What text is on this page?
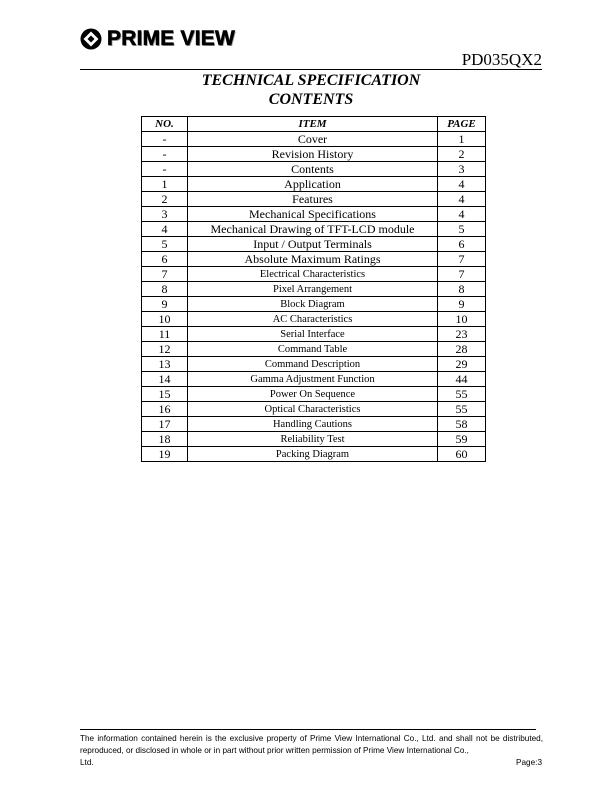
PRIME VIEW
PD035QX2
TECHNICAL SPECIFICATION
CONTENTS
NO.	ITEM	PAGE
-	Cover	1
-	Revision History	2
-	Contents	3
1	Application	4
2	Features	4
3	Mechanical Specifications	4
4	Mechanical Drawing of TFT-LCD module	5
5	Input / Output Terminals	6
6	Absolute Maximum Ratings	7
7	Electrical Characteristics	7
8	Pixel Arrangement	8
9	Block Diagram	9
10	AC Characteristics	10
11	Serial Interface	23
12	Command Table	28
13	Command Description	29
14	Gamma Adjustment Function	44
15	Power On Sequence	55
16	Optical Characteristics	55
17	Handling Cautions	58
18	Reliability Test	59
19	Packing Diagram	60
The information contained herein is the exclusive property of Prime View International Co., Ltd. and shall not be distributed, reproduced, or disclosed in whole or in part without prior written permission of Prime View International Co.,
Ltd.	Page:3
